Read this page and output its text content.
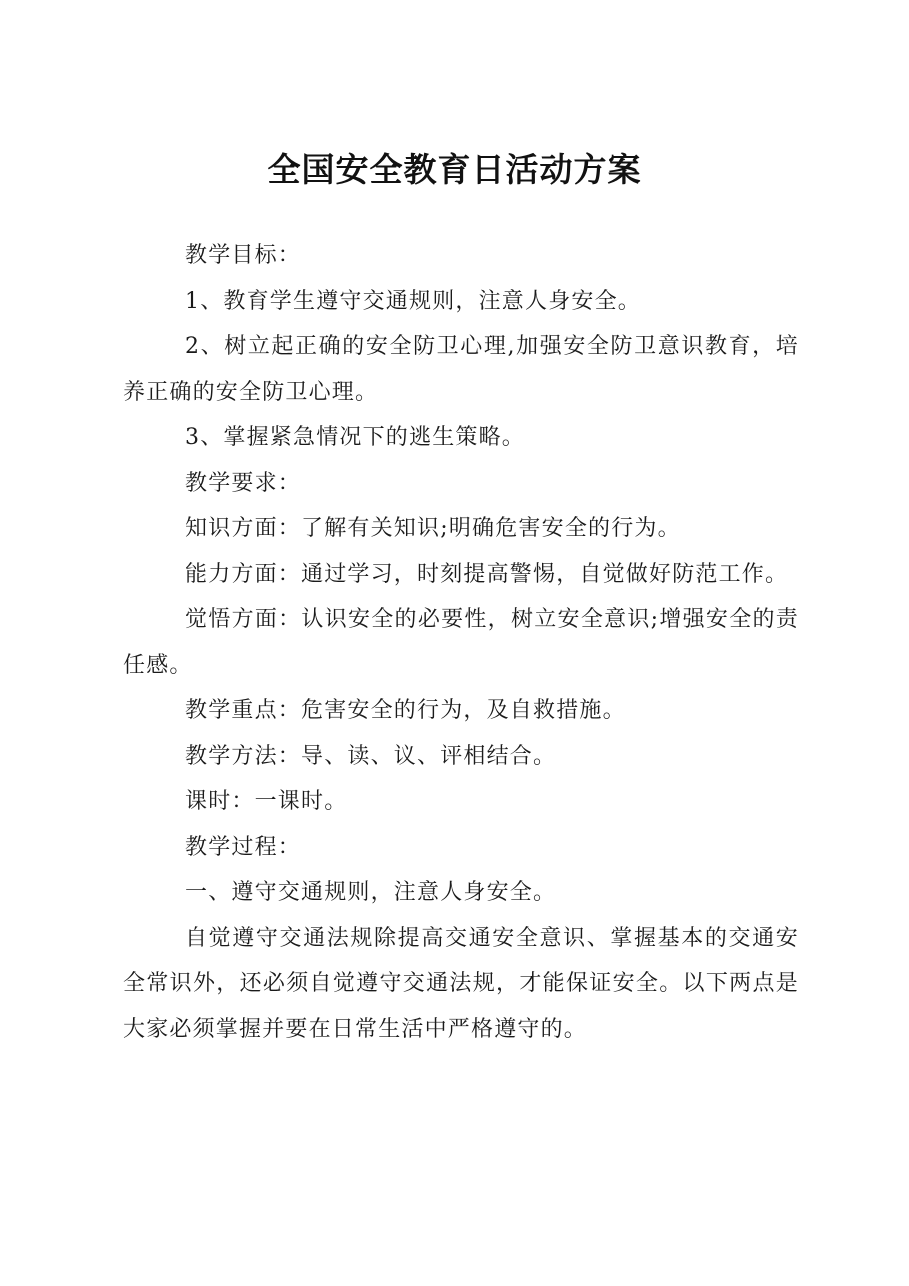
全国安全教育日活动方案

教学目标：

1、教育学生遵守交通规则，注意人身安全。

2、树立起正确的安全防卫心理,加强安全防卫意识教育，培养正确的安全防卫心理。

3、掌握紧急情况下的逃生策略。

教学要求：

知识方面：了解有关知识;明确危害安全的行为。

能力方面：通过学习，时刻提高警惕，自觉做好防范工作。

觉悟方面：认识安全的必要性，树立安全意识;增强安全的责任感。

教学重点：危害安全的行为，及自救措施。

教学方法：导、读、议、评相结合。

课时：一课时。

教学过程：

一、遵守交通规则，注意人身安全。

自觉遵守交通法规除提高交通安全意识、掌握基本的交通安全常识外，还必须自觉遵守交通法规，才能保证安全。以下两点是大家必须掌握并要在日常生活中严格遵守的。
